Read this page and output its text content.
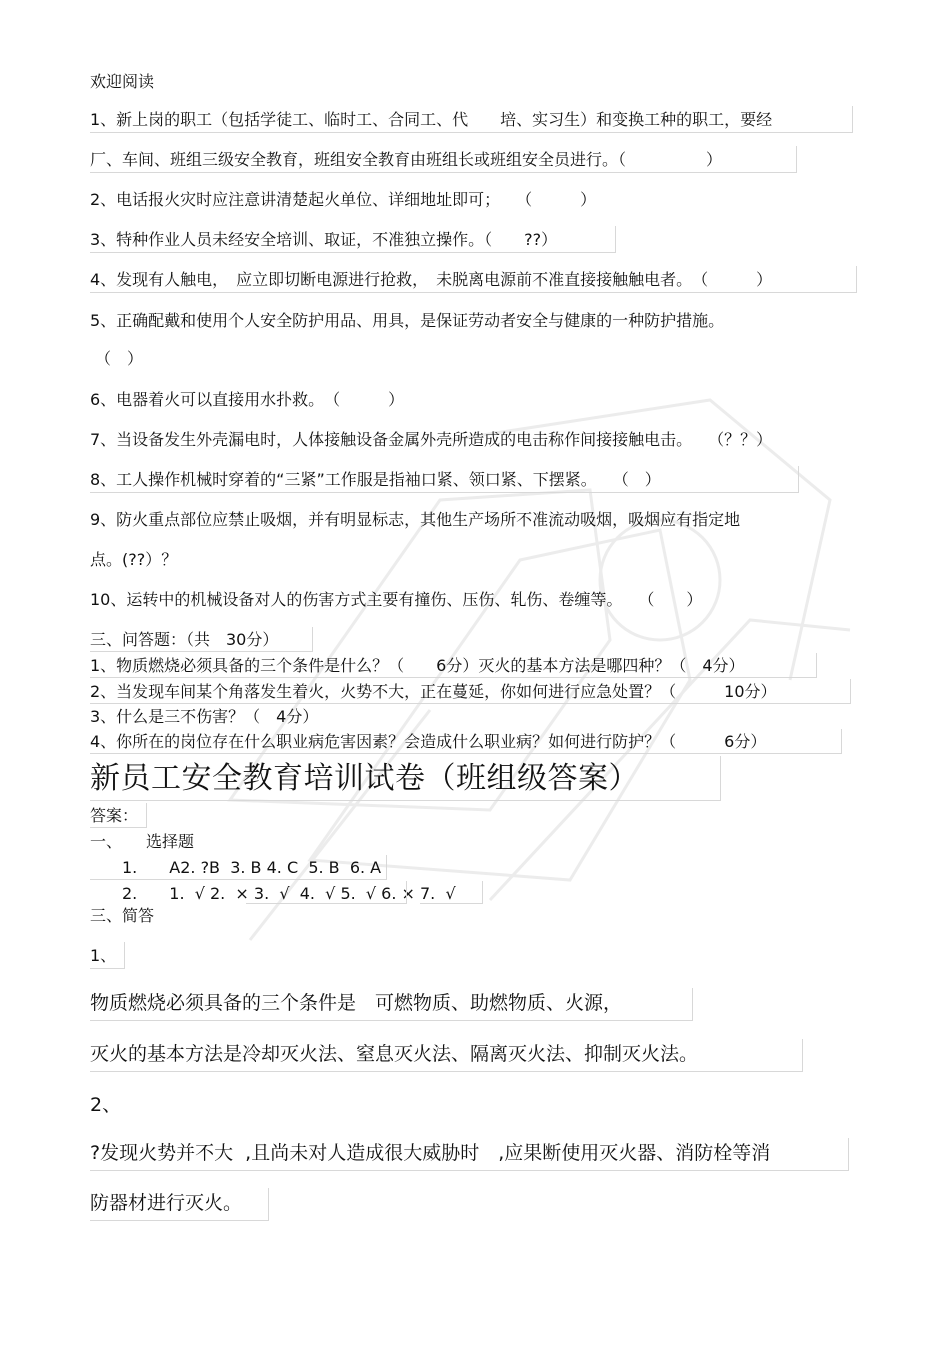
欢迎阅读
1、新上岗的职工（包括学徒工、临时工、合同工、代　　培、实习生）和变换工种的职工，要经
厂、车间、班组三级安全教育，班组安全教育由班组长或班组安全员进行。（　　　　　）
2、电话报火灾时应注意讲清楚起火单位、详细地址即可；　　（　　　）
3、特种作业人员未经安全培训、取证，不准独立操作。（　　??）
4、发现有人触电，　应立即切断电源进行抢救，　未脱离电源前不准直接接触触电者。　（　　　）
5、正确配戴和使用个人安全防护用品、用具，是保证劳动者安全与健康的一种防护措施。
（　）
6、电器着火可以直接用水扑救。　（　　　）
7、当设备发生外壳漏电时，人体接触设备金属外壳所造成的电击称作间接接触电击。　　（？？）
8、工人操作机械时穿着的“三紧”工作服是指袖口紧、领口紧、下摆紧。　　（　）
9、防火重点部位应禁止吸烟，并有明显标志，其他生产场所不准流动吸烟，吸烟应有指定地
点。(??）？
10、运转中的机械设备对人的伤害方式主要有撞伤、压伤、轧伤、卷缠等。　　（　　）
三、问答题：（共　30分）
1、物质燃烧必须具备的三个条件是什么？（　　6分）灭火的基本方法是哪四种？（　4分）
2、当发现车间某个角落发生着火，火势不大，正在蔓延，你如何进行应急处置？（　　　10分）
3、什么是三不伤害？（　4分）
4、你所在的岗位存在什么职业病危害因素？会造成什么职业病？如何进行防护？（　　　6分）
新员工安全教育培训试卷（班组级答案）
答案：
一、　　选择题
1.　　A2. ?B  3. B 4. C  5. B  6. A
2.　　1.  √ 2.  × 3.  √  4.  √ 5.  √ 6. × 7.  √
三、简答
1、
物质燃烧必须具备的三个条件是　可燃物质、助燃物质、火源，
灭火的基本方法是冷却灭火法、窒息灭火法、隔离灭火法、抑制灭火法。
2、
?发现火势并不大  ,且尚未对人造成很大威胁时　,应果断使用灭火器、消防栓等消
防器材进行灭火。
